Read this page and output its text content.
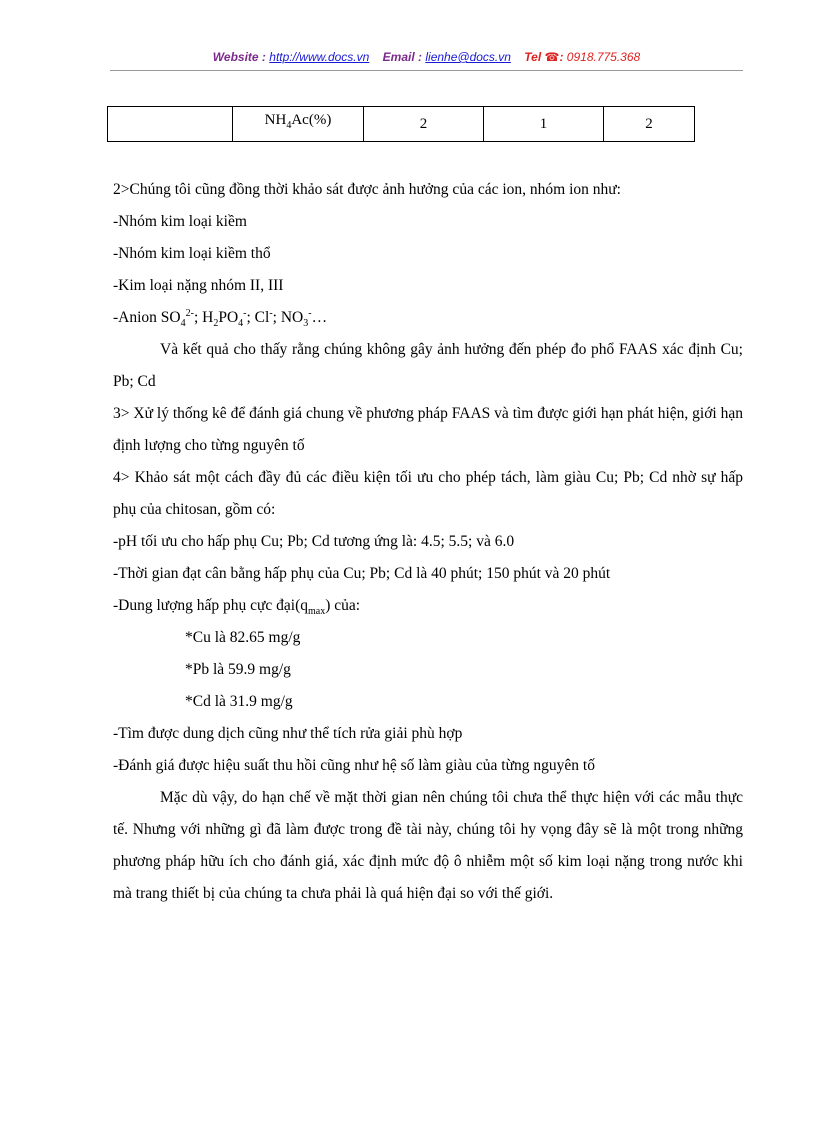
Website : http://www.docs.vn Email : lienhe@docs.vn Tel ☎: 0918.775.368
	$NH_4Ac(\%)$	2	1	2

2>Chúng tôi cũng đồng thời khảo sát được ảnh hưởng của các ion, nhóm ion như:

-Nhóm kim loại kiềm

-Nhóm kim loại kiềm thổ

-Kim loại nặng nhóm II, III

-Anion $SO_4^{2-}$; $H_2PO_4^-$; Cl-; $NO_3^-\dots$

Và kết quả cho thấy rằng chúng không gây ảnh hưởng đến phép đo phổ FAAS xác định Cu; Pb; Cd

3> Xử lý thống kê để đánh giá chung về phương pháp FAAS và tìm được giới hạn phát hiện, giới hạn định lượng cho từng nguyên tố

4> Khảo sát một cách đầy đủ các điều kiện tối ưu cho phép tách, làm giàu Cu; Pb; Cd nhờ sự hấp phụ của chitosan, gồm có:

-pH tối ưu cho hấp phụ Cu; Pb; Cd tương ứng là: 4.5; 5.5; và 6.0

-Thời gian đạt cân bằng hấp phụ của Cu; Pb; Cd là 40 phút; 150 phút và 20 phút

-Dung lượng hấp phụ cực $đại(q_{max})$ của:

*Cu là 82.65 mg/g

*Pb là 59.9 mg/g

*Cd là 31.9 mg/g

-Tìm được dung dịch cũng như thể tích rửa giải phù hợp

-Đánh giá được hiệu suất thu hồi cũng như hệ số làm giàu của từng nguyên tố

Mặc dù vậy, do hạn chế về mặt thời gian nên chúng tôi chưa thể thực hiện với các mẫu thực tế. Nhưng với những gì đã làm được trong đề tài này, chúng tôi hy vọng đây sẽ là một trong những phương pháp hữu ích cho đánh giá, xác định mức độ ô nhiễm một số kim loại nặng trong nước khi mà trang thiết bị của chúng ta chưa phải là quá hiện đại so với thế giới.
